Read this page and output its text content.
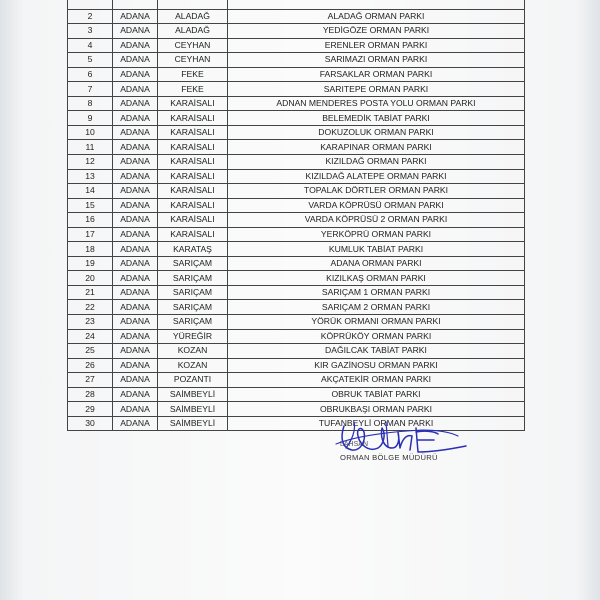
2	ADANA	ALADAĞ	ALADAĞ ORMAN PARKI
3	ADANA	ALADAĞ	YEDİGÖZE ORMAN PARKI
4	ADANA	CEYHAN	ERENLER ORMAN PARKI
5	ADANA	CEYHAN	SARIMAZI ORMAN PARKI
6	ADANA	FEKE	FARSAKLAR ORMAN PARKI
7	ADANA	FEKE	SARITEPE ORMAN PARKI
8	ADANA	KARAİSALI	ADNAN MENDERES POSTA YOLU ORMAN PARKI
9	ADANA	KARAİSALI	BELEMEDİK TABİAT PARKI
10	ADANA	KARAİSALI	DOKUZOLUK ORMAN PARKI
11	ADANA	KARAİSALI	KARAPINAR ORMAN PARKI
12	ADANA	KARAİSALI	KIZILDAĞ ORMAN PARKI
13	ADANA	KARAİSALI	KIZILDAĞ ALATEPE ORMAN PARKI
14	ADANA	KARAİSALI	TOPALAK DÖRTLER ORMAN PARKI
15	ADANA	KARAİSALI	VARDA KÖPRÜSÜ ORMAN PARKI
16	ADANA	KARAİSALI	VARDA KÖPRÜSÜ 2 ORMAN PARKI
17	ADANA	KARAİSALI	YERKÖPRÜ ORMAN PARKI
18	ADANA	KARATAŞ	KUMLUK TABİAT PARKI
19	ADANA	SARIÇAM	ADANA ORMAN PARKI
20	ADANA	SARIÇAM	KIZILKAŞ ORMAN PARKI
21	ADANA	SARIÇAM	SARIÇAM 1 ORMAN PARKI
22	ADANA	SARIÇAM	SARIÇAM 2 ORMAN PARKI
23	ADANA	SARIÇAM	YÖRÜK ORMANI ORMAN PARKI
24	ADANA	YÜREĞİR	KÖPRÜKÖY ORMAN PARKI
25	ADANA	KOZAN	DAĞILCAK TABİAT PARKI
26	ADANA	KOZAN	KIR GAZİNOSU ORMAN PARKI
27	ADANA	POZANTI	AKÇATEKİR ORMAN PARKI
28	ADANA	SAİMBEYLİ	OBRUK TABİAT PARKI
29	ADANA	SAİMBEYLİ	OBRUKBAŞI ORMAN PARKI
30	ADANA	SAİMBEYLİ	TUFANBEYLİ ORMAN PARKI
LAHSAN
ORMAN BÖLGE MÜDÜRÜ
